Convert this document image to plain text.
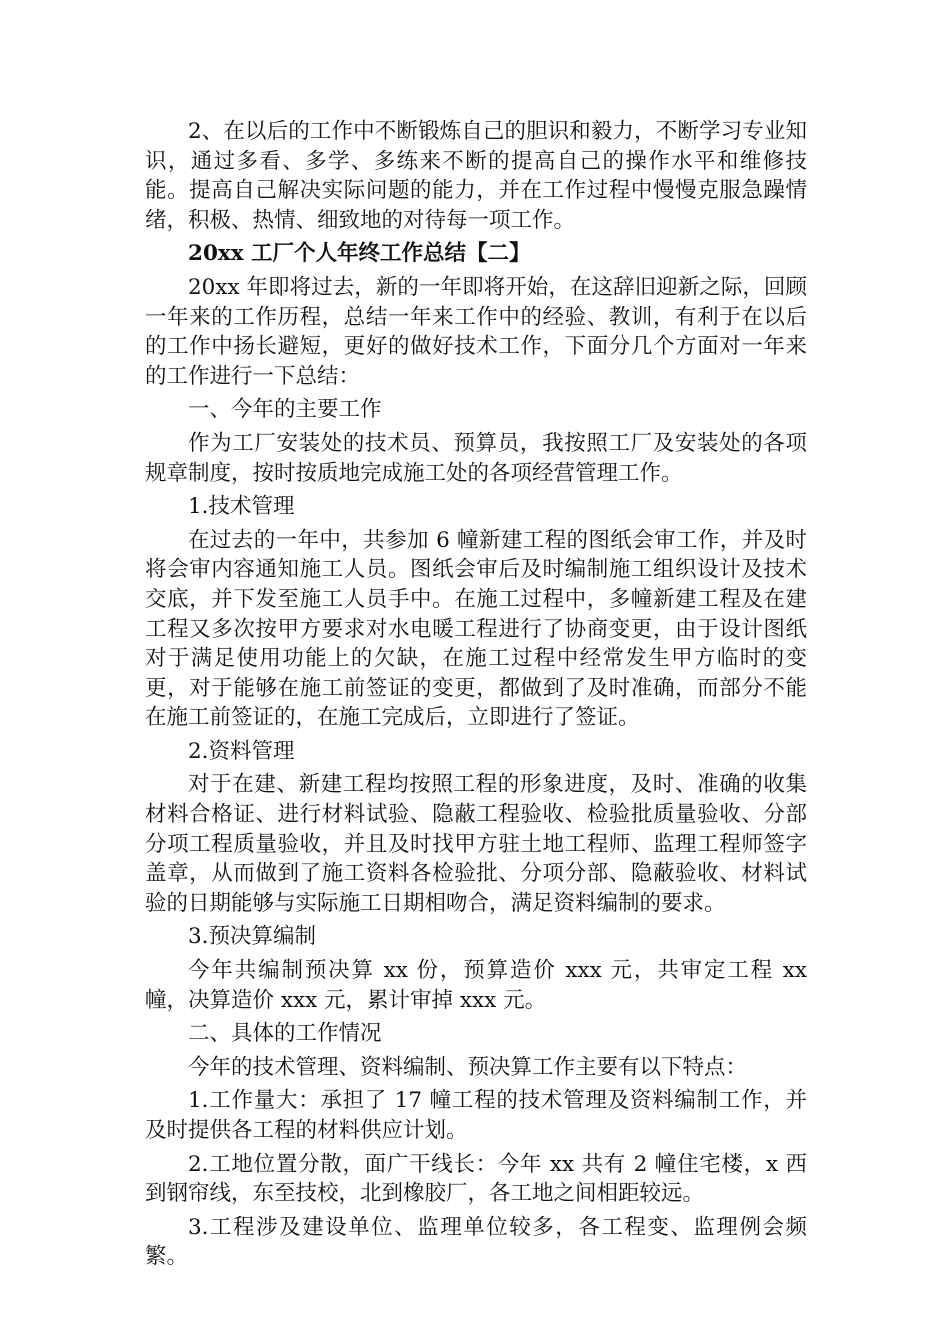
2、在以后的工作中不断锻炼自己的胆识和毅力，不断学习专业知识，通过多看、多学、多练来不断的提高自己的操作水平和维修技能。提高自己解决实际问题的能力，并在工作过程中慢慢克服急躁情绪，积极、热情、细致地的对待每一项工作。

20xx 工厂个人年终工作总结【二】

20xx 年即将过去，新的一年即将开始，在这辞旧迎新之际，回顾一年来的工作历程，总结一年来工作中的经验、教训，有利于在以后的工作中扬长避短，更好的做好技术工作，下面分几个方面对一年来的工作进行一下总结：

一、今年的主要工作

作为工厂安装处的技术员、预算员，我按照工厂及安装处的各项规章制度，按时按质地完成施工处的各项经营管理工作。

1.技术管理

在过去的一年中，共参加 6 幢新建工程的图纸会审工作，并及时将会审内容通知施工人员。图纸会审后及时编制施工组织设计及技术交底，并下发至施工人员手中。在施工过程中，多幢新建工程及在建工程又多次按甲方要求对水电暖工程进行了协商变更，由于设计图纸对于满足使用功能上的欠缺，在施工过程中经常发生甲方临时的变更，对于能够在施工前签证的变更，都做到了及时准确，而部分不能在施工前签证的，在施工完成后，立即进行了签证。

2.资料管理

对于在建、新建工程均按照工程的形象进度，及时、准确的收集材料合格证、进行材料试验、隐蔽工程验收、检验批质量验收、分部分项工程质量验收，并且及时找甲方驻土地工程师、监理工程师签字盖章，从而做到了施工资料各检验批、分项分部、隐蔽验收、材料试验的日期能够与实际施工日期相吻合，满足资料编制的要求。

3.预决算编制

今年共编制预决算 xx 份，预算造价 xxx 元，共审定工程 xx 幢，决算造价 xxx 元，累计审掉 xxx 元。

二、具体的工作情况

今年的技术管理、资料编制、预决算工作主要有以下特点：

1.工作量大：承担了 17 幢工程的技术管理及资料编制工作，并及时提供各工程的材料供应计划。

2.工地位置分散，面广干线长：今年 xx 共有 2 幢住宅楼，x 西到钢帘线，东至技校，北到橡胶厂，各工地之间相距较远。

3.工程涉及建设单位、监理单位较多，各工程变、监理例会频繁。
